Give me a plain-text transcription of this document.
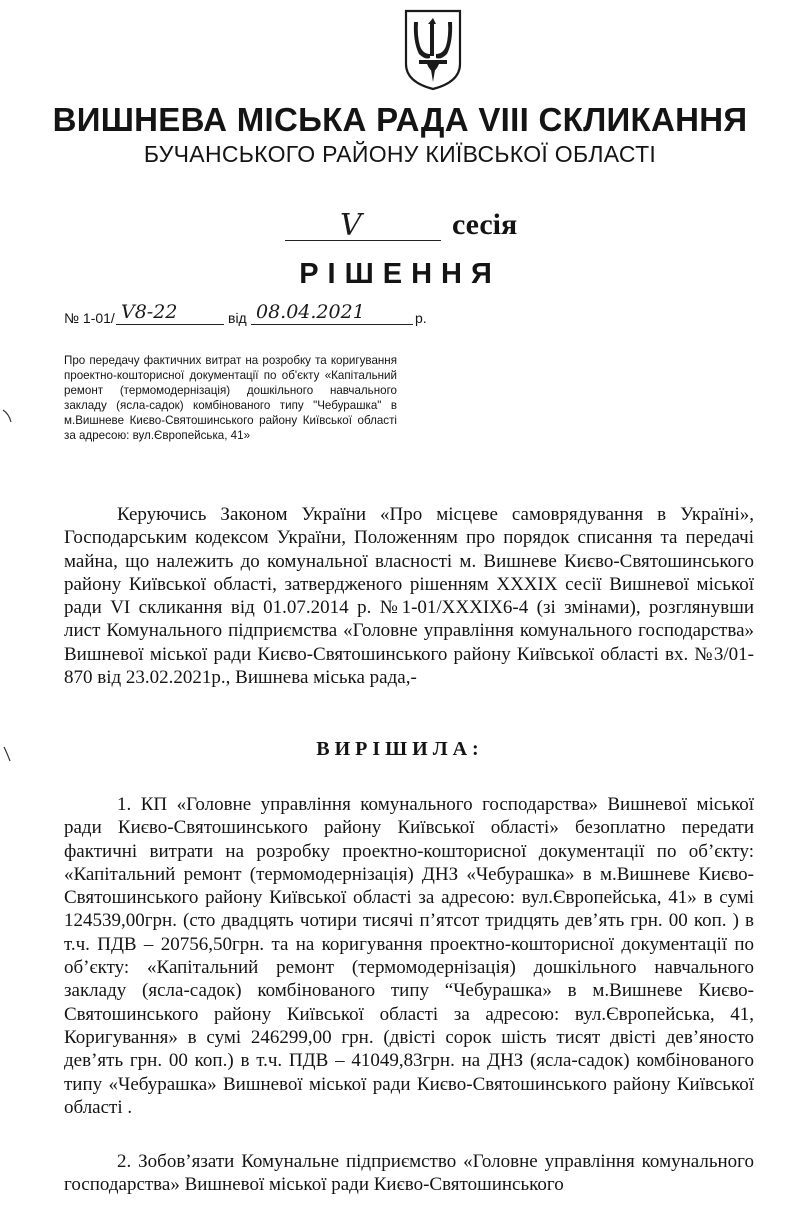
ВИШНЕВА МІСЬКА РАДА VIII СКЛИКАННЯ
БУЧАНСЬКОГО РАЙОНУ КИЇВСЬКОЇ ОБЛАСТІ
V	сесія
РІШЕННЯ
№ 1-01/ V8-22	від 08.04.2021	р.
Про передачу фактичних витрат на розробку та коригування проектно-кошторисної документації по об'єкту «Капітальний ремонт (термомодернізація) дошкільного навчального закладу (ясла-садок) комбінованого типу "Чебурашка" в м.Вишневе Києво-Святошинського району Київської області за адресою: вул.Європейська, 41»
Керуючись Законом України «Про місцеве самоврядування в Україні», Господарським кодексом України, Положенням про порядок списання та передачі майна, що належить до комунальної власності м. Вишневе Києво-Святошинського району Київської області, затвердженого рішенням XXXIX сесії Вишневої міської ради VI скликання від 01.07.2014 р. №1-01/XXXIX6-4 (зі змінами), розглянувши лист Комунального підприємства «Головне управління комунального господарства» Вишневої міської ради Києво-Святошинського району Київської області вх. №3/01-870 від 23.02.2021р., Вишнева міська рада,-
ВИРІШИЛА:
1. КП «Головне управління комунального господарства» Вишневої міської ради Києво-Святошинського району Київської області» безоплатно передати фактичні витрати на розробку проектно-кошторисної документації по об’єкту: «Капітальний ремонт (термомодернізація) ДНЗ «Чебурашка» в м.Вишневе Києво-Святошинського району Київської області за адресою: вул.Європейська, 41» в сумі 124539,00грн. (сто двадцять чотири тисячі п’ятсот тридцять дев’ять грн. 00 коп. ) в т.ч. ПДВ – 20756,50грн. та на коригування проектно-кошторисної документації по об’єкту: «Капітальний ремонт (термомодернізація) дошкільного навчального закладу (ясла-садок) комбінованого типу “Чебурашка» в м.Вишневе Києво-Святошинського району Київської області за адресою: вул.Європейська, 41, Коригування» в сумі 246299,00 грн. (двісті сорок шість тисят двісті дев’яносто дев’ять грн. 00 коп.) в т.ч. ПДВ – 41049,83грн. на ДНЗ (ясла-садок) комбінованого типу «Чебурашка» Вишневої міської ради Києво-Святошинського району Київської області .
2. Зобов’язати Комунальне підприємство «Головне управління комунального господарства» Вишневої міської ради Києво-Святошинського
